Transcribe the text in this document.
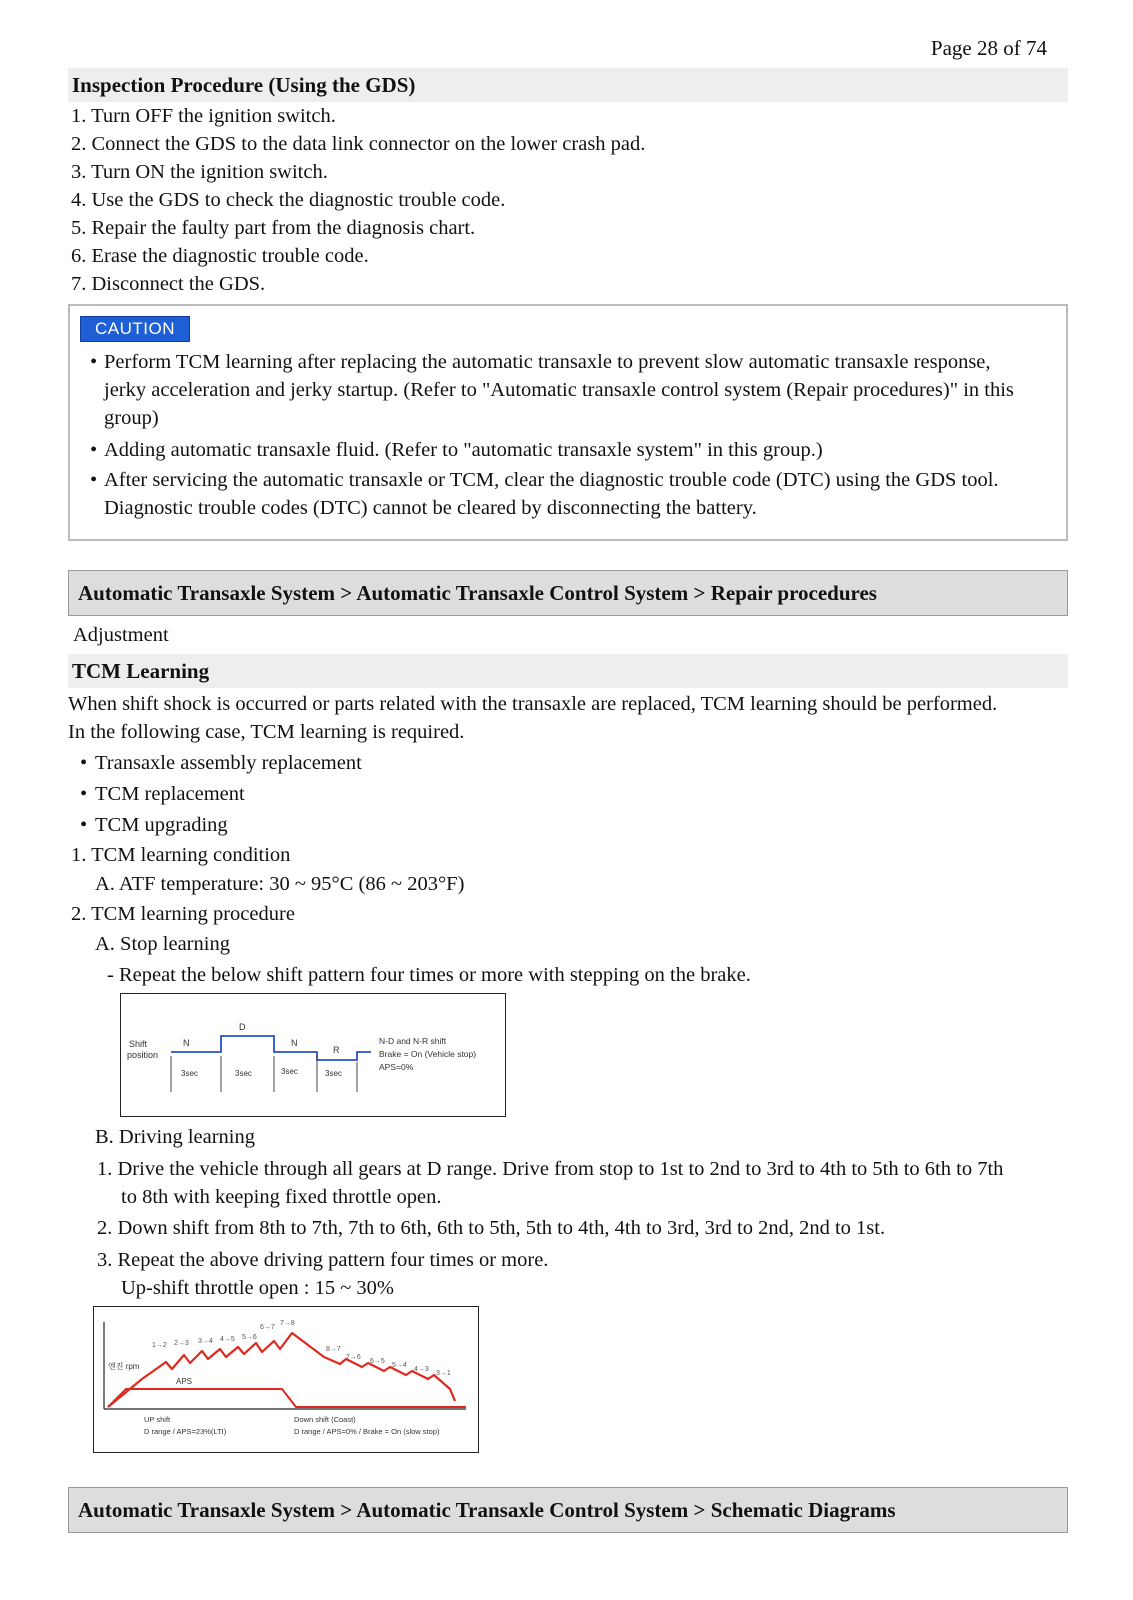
Page 28 of 74
Inspection Procedure (Using the GDS)
1. Turn OFF the ignition switch.
2. Connect the GDS to the data link connector on the lower crash pad.
3. Turn ON the ignition switch.
4. Use the GDS to check the diagnostic trouble code.
5. Repair the faulty part from the diagnosis chart.
6. Erase the diagnostic trouble code.
7. Disconnect the GDS.
CAUTION
• Perform TCM learning after replacing the automatic transaxle to prevent slow automatic transaxle response,
jerky acceleration and jerky startup. (Refer to "Automatic transaxle control system (Repair procedures)" in this
group)
• Adding automatic transaxle fluid. (Refer to "automatic transaxle system" in this group.)
• After servicing the automatic transaxle or TCM, clear the diagnostic trouble code (DTC) using the GDS tool.
Diagnostic trouble codes (DTC) cannot be cleared by disconnecting the battery.
Automatic Transaxle System > Automatic Transaxle Control System > Repair procedures
Adjustment
TCM Learning
When shift shock is occurred or parts related with the transaxle are replaced, TCM learning should be performed.
In the following case, TCM learning is required.
• Transaxle assembly replacement
• TCM replacement
• TCM upgrading
1. TCM learning condition
A. ATF temperature: 30 ~ 95°C (86 ~ 203°F)
2. TCM learning procedure
A. Stop learning
- Repeat the below shift pattern four times or more with stepping on the brake.
Shift
position
N
D
N
R
3sec	3sec	3sec	3sec
N-D and N-R shift
Brake = On (Vehicle stop)
APS=0%
B. Driving learning
1. Drive the vehicle through all gears at D range. Drive from stop to 1st to 2nd to 3rd to 4th to 5th to 6th to 7th
to 8th with keeping fixed throttle open.
2. Down shift from 8th to 7th, 7th to 6th, 6th to 5th, 5th to 4th, 4th to 3rd, 3rd to 2nd, 2nd to 1st.
3. Repeat the above driving pattern four times or more.
Up-shift throttle open : 15 ~ 30%
엔진 rpm
APS
1→2 2→3 3→4 4→5 5→6
6→7
7→8
8→7
7→6
6→5
5→4
4→3
3→1
UP shift
D range / APS=23%(LTI)
Down shift (Coast)
D range / APS=0% / Brake = On (slow stop)
Automatic Transaxle System > Automatic Transaxle Control System > Schematic Diagrams
